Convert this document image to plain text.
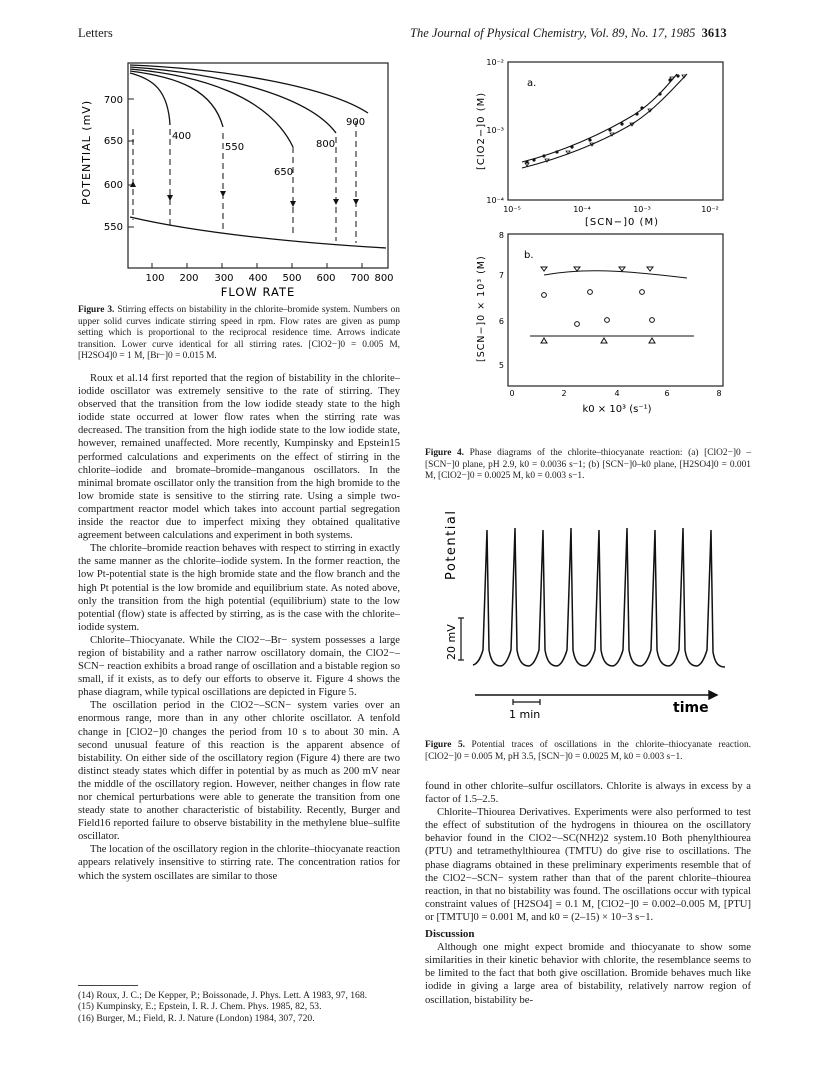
Letters	The Journal of Physical Chemistry, Vol. 89, No. 17, 1985 3613
POTENTIAL (mV) 700
650
600
550
100 200 300 400 500 600 700 800
FLOW RATE
400
550
650
800
900
Figure 3. Stirring effects on bistability in the chlorite–bromide system. Numbers on upper solid curves indicate stirring speed in rpm. Flow rates are given as pump setting which is proportional to the reciprocal residence time. Arrows indicate transition. Lower curve identical for all stirring rates. [ClO2−]0 = 0.005 M, [H2SO4]0 = 1 M, [Br−]0 = 0.015 M.

Roux et al.14 first reported that the region of bistability in the chlorite–iodide oscillator was extremely sensitive to the rate of stirring. They observed that the transition from the low iodide steady state to the high iodide state occurred at lower flow rates when the stirring rate was decreased. The transition from the high iodide state to the low iodide state, however, remained unaffected. More recently, Kumpinsky and Epstein15 performed calculations and experiments on the effect of stirring in the chlorite–iodide and bromate–bromide–manganous oscillators. In the minimal bromate oscillator only the transition from the high bromide to the low bromide state is sensitive to the stirring rate. Using a simple two-compartment reactor model which takes into account partial segregation inside the reactor due to imperfect mixing they obtained qualitative agreement between calculations and experiment in both systems.

The chlorite–bromide reaction behaves with respect to stirring in exactly the same manner as the chlorite–iodide system. In the former reaction, the low Pt-potential state is the high bromide state and the flow branch and the high Pt potential is the low bromide and equilibrium state. As noted above, only the transition from the high potential (equilibrium) state to the low potential (flow) state is affected by stirring, as is the case with the chlorite–iodide system.

Chlorite–Thiocyanate. While the ClO2−–Br− system possesses a large region of bistability and a rather narrow oscillatory domain, the ClO2−–SCN− reaction exhibits a broad range of oscillation and a bistable region so small, if it exists, as to defy our efforts to observe it. Figure 4 shows the phase diagram, while typical oscillations are depicted in Figure 5.

The oscillation period in the ClO2−–SCN− system varies over an enormous range, more than in any other chlorite oscillator. A tenfold change in [ClO2−]0 changes the period from 10 s to about 30 min. A second unusual feature of this reaction is the apparent absence of bistability. On either side of the oscillatory region (Figure 4) there are two distinct steady states which differ in potential by as much as 200 mV near the middle of the oscillatory region. However, neither changes in flow rate nor chemical perturbations were able to generate the transition from one steady state to another characteristic of bistability. Recently, Burger and Field16 reported failure to observe bistability in the methylene blue–sulfite oscillator.

The location of the oscillatory region in the chlorite–thiocyanate reaction appears relatively insensitive to stirring rate. The concentration ratios for which the system oscillates are similar to those

(14) Roux, J. C.; De Kepper, P.; Boissonade, J. Phys. Lett. A 1983, 97, 168.
(15) Kumpinsky, E.; Epstein, I. R. J. Chem. Phys. 1985, 82, 53.
(16) Burger, M.; Field, R. J. Nature (London) 1984, 307, 720.
a.
10⁻²
10⁻³
10⁻⁴
[ClO2−]0 (M)
10⁻⁵	10⁻⁴	10⁻³	10⁻²
[SCN−]0 (M)
b.
8
7
6
5
[SCN−]0 × 10³ (M)
0	2	4	6	8
k0 × 10³ (s⁻¹)
Figure 4. Phase diagrams of the chlorite–thiocyanate reaction: (a) [ClO2−]0 – [SCN−]0 plane, pH 2.9, k0 = 0.0036 s−1; (b) [SCN−]0–k0 plane, [H2SO4]0 = 0.001 M, [ClO2−]0 = 0.0025 M, k0 = 0.003 s−1.
Potential
20 mV
time
1 min
Figure 5. Potential traces of oscillations in the chlorite–thiocyanate reaction. [ClO2−]0 = 0.005 M, pH 3.5, [SCN−]0 = 0.0025 M, k0 = 0.003 s−1.

found in other chlorite–sulfur oscillators. Chlorite is always in excess by a factor of 1.5–2.5.

Chlorite–Thiourea Derivatives. Experiments were also performed to test the effect of substitution of the hydrogens in thiourea on the oscillatory behavior found in the ClO2−–SC(NH2)2 system.10 Both phenylthiourea (PTU) and tetramethylthiourea (TMTU) do give rise to oscillations. The phase diagrams obtained in these preliminary experiments resemble that of the ClO2−–SCN− system rather than that of the parent chlorite–thiourea reaction, in that no bistability was found. The oscillations occur with typical constraint values of [H2SO4] = 0.1 M, [ClO2−]0 = 0.002–0.005 M, [PTU] or [TMTU]0 = 0.001 M, and k0 = (2–15) × 10−3 s−1.

Discussion

Although one might expect bromide and thiocyanate to show some similarities in their kinetic behavior with chlorite, the resemblance seems to be limited to the fact that both give oscillation. Bromide behaves much like iodide in giving a large area of bistability, relatively narrow region of oscillation, bistability be-
